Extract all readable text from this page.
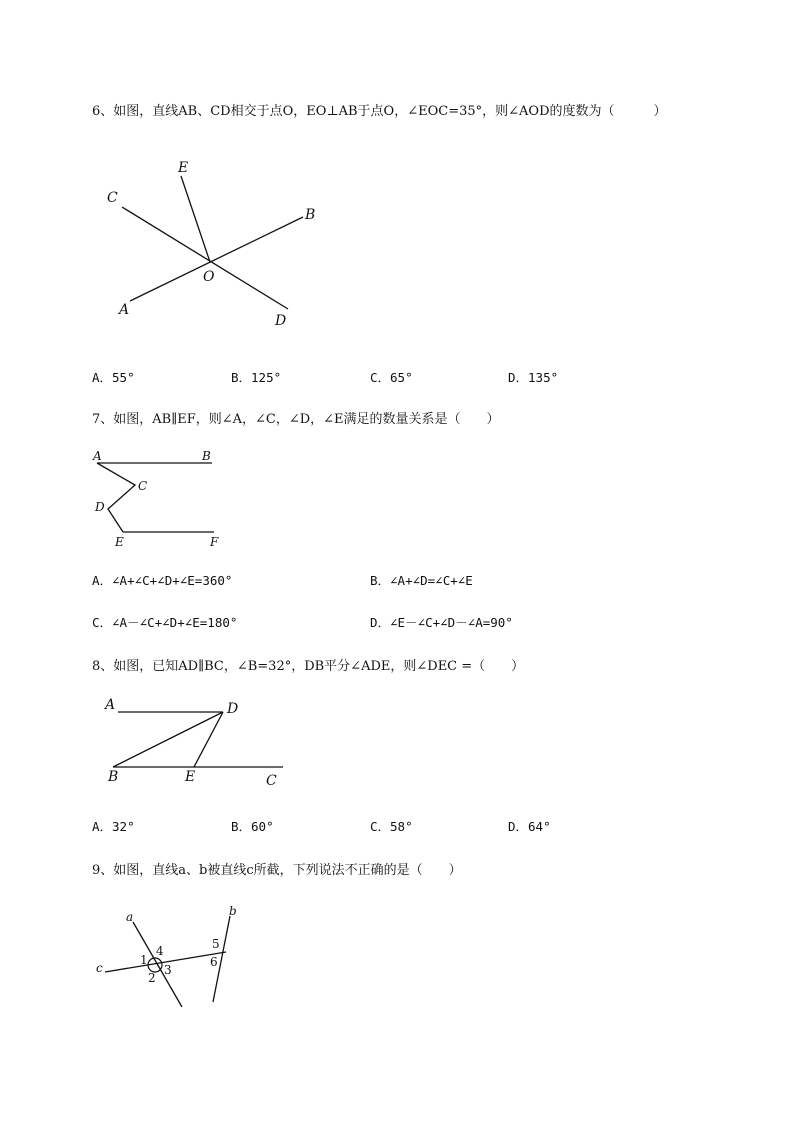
6、如图，直线AB、CD相交于点O，EO⊥AB于点O，∠EOC=35°，则∠AOD的度数为（　　　）
E
C
B
O
A
D
A．55°	B．125°	C．65°	D．135°
7、如图，AB∥EF，则∠A，∠C，∠D，∠E满足的数量关系是（　　）
A	B
C
D
E	F
A．∠A+∠C+∠D+∠E=360°	B．∠A+∠D=∠C+∠E
C．∠A－∠C+∠D+∠E=180°	D．∠E－∠C+∠D－∠A=90°
8、如图，已知AD∥BC，∠B=32°，DB平分∠ADE，则∠DEC =（　　）
A	D
B	E	C
A．32°	B．60°	C．58°	D．64°
9、如图，直线a、b被直线c所截，下列说法不正确的是（　　）
a	b
c
1
2
3
4	5
6
